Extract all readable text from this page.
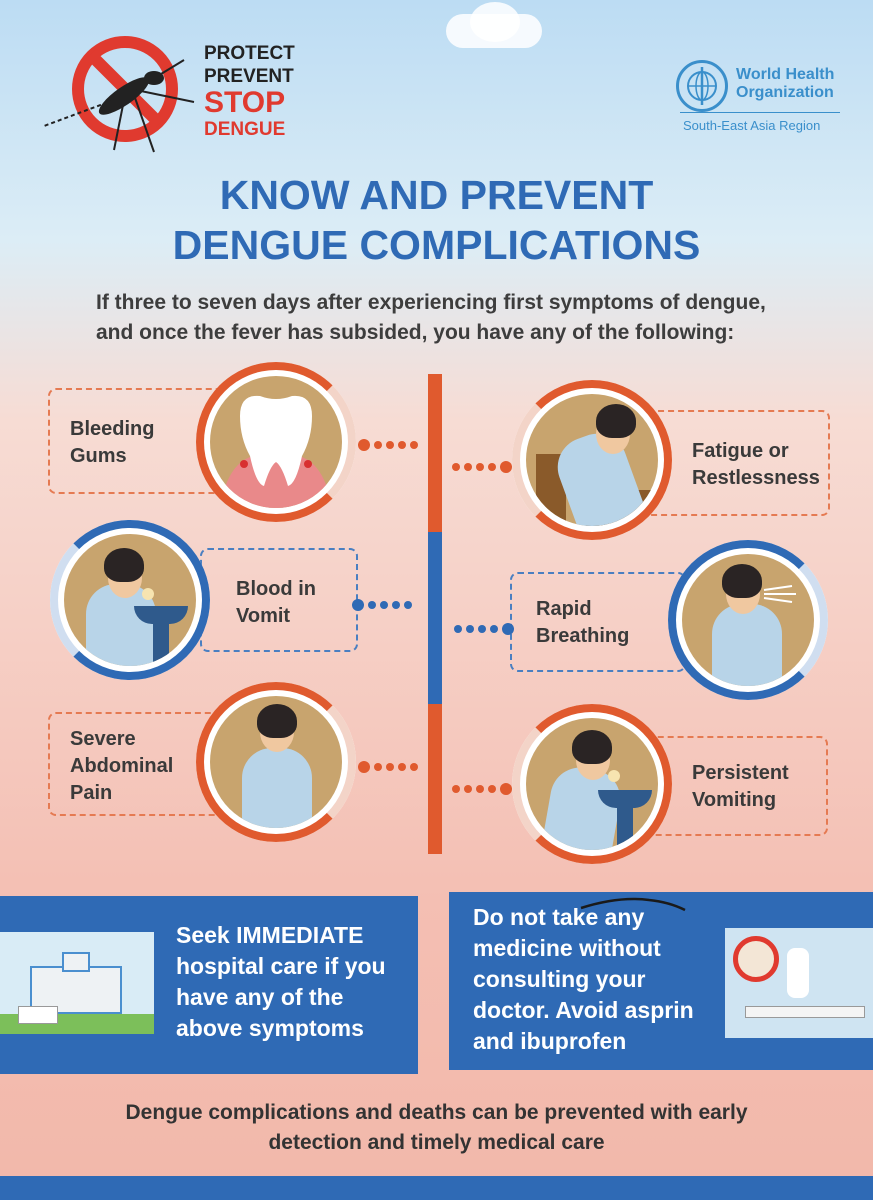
PROTECT
PREVENT
STOP
DENGUE
World Health
Organization
South-East Asia Region
KNOW AND PREVENT
DENGUE COMPLICATIONS
If three to seven days after experiencing first symptoms of dengue,
and once the fever has subsided, you have any of the following:
Bleeding
Gums	Fatigue or
Restlessness
Blood in
Vomit	Rapid
Breathing
Severe
Abdominal
Pain
Persistent
Vomiting
Seek IMMEDIATE
hospital care if you
have any of the
above symptoms
Do not take any
medicine without
consulting your
doctor. Avoid asprin
and ibuprofen
Dengue complications and deaths can be prevented with early
detection and timely medical care
